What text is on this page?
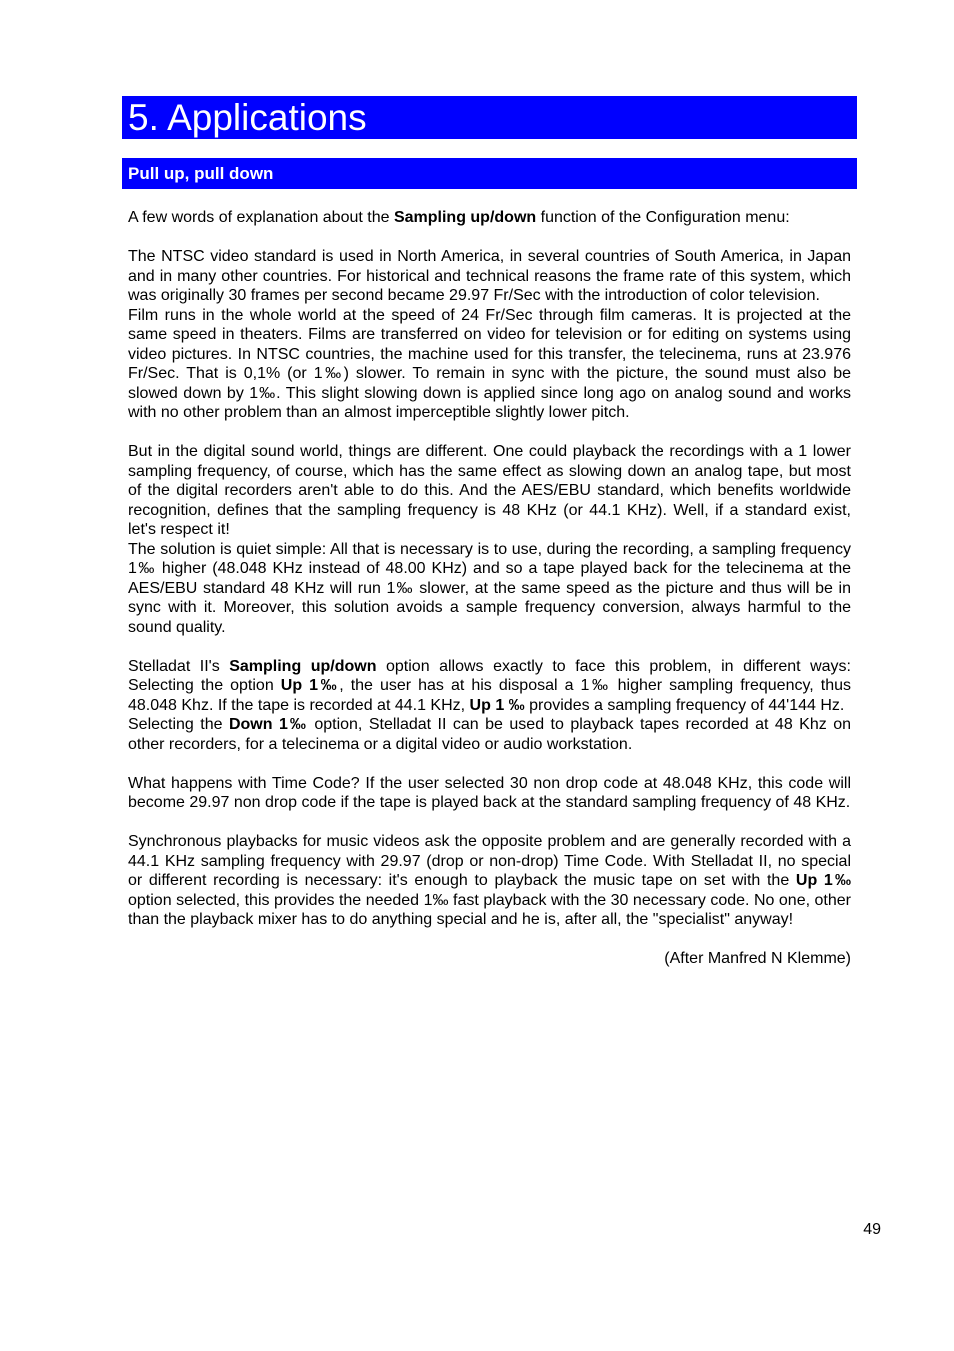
5. Applications
Pull up, pull down

A few words of explanation about the Sampling up/down function of the Configuration menu:

The NTSC video standard is used in North America, in several countries of South America, in Japan and in many other countries. For historical and technical reasons the frame rate of this system, which was originally 30 frames per second became 29.97 Fr/Sec with the introduction of color television.

Film runs in the whole world at the speed of 24 Fr/Sec through film cameras. It is projected at the same speed in theaters. Films are transferred on video for television or for editing on systems using video pictures. In NTSC countries, the machine used for this transfer, the telecinema, runs at 23.976 Fr/Sec. That is 0,1% (or 1‰) slower. To remain in sync with the picture, the sound must also be slowed down by 1‰. This slight slowing down is applied since long ago on analog sound and works with no other problem than an almost imperceptible slightly lower pitch.

But in the digital sound world, things are different. One could playback the recordings with a 1 lower sampling frequency, of course, which has the same effect as slowing down an analog tape, but most of the digital recorders aren't able to do this. And the AES/EBU standard, which benefits worldwide recognition, defines that the sampling frequency is 48 KHz (or 44.1 KHz). Well, if a standard exist, let's respect it!

The solution is quiet simple: All that is necessary is to use, during the recording, a sampling frequency 1‰ higher (48.048 KHz instead of 48.00 KHz) and so a tape played back for the telecinema at the AES/EBU standard 48 KHz will run 1‰ slower, at the same speed as the picture and thus will be in sync with it. Moreover, this solution avoids a sample frequency conversion, always harmful to the sound quality.

Stelladat II's Sampling up/down option allows exactly to face this problem, in different ways: Selecting the option Up 1‰, the user has at his disposal a 1‰ higher sampling frequency, thus 48.048 Khz. If the tape is recorded at 44.1 KHz, Up 1 ‰ provides a sampling frequency of 44'144 Hz.

Selecting the Down 1‰ option, Stelladat II can be used to playback tapes recorded at 48 Khz on other recorders, for a telecinema or a digital video or audio workstation.

What happens with Time Code? If the user selected 30 non drop code at 48.048 KHz, this code will become 29.97 non drop code if the tape is played back at the standard sampling frequency of 48 KHz.

Synchronous playbacks for music videos ask the opposite problem and are generally recorded with a 44.1 KHz sampling frequency with 29.97 (drop or non-drop) Time Code. With Stelladat II, no special or different recording is necessary: it's enough to playback the music tape on set with the Up 1‰ option selected, this provides the needed 1‰ fast playback with the 30 necessary code. No one, other than the playback mixer has to do anything special and he is, after all, the "specialist" anyway!

(After Manfred N Klemme)

49
